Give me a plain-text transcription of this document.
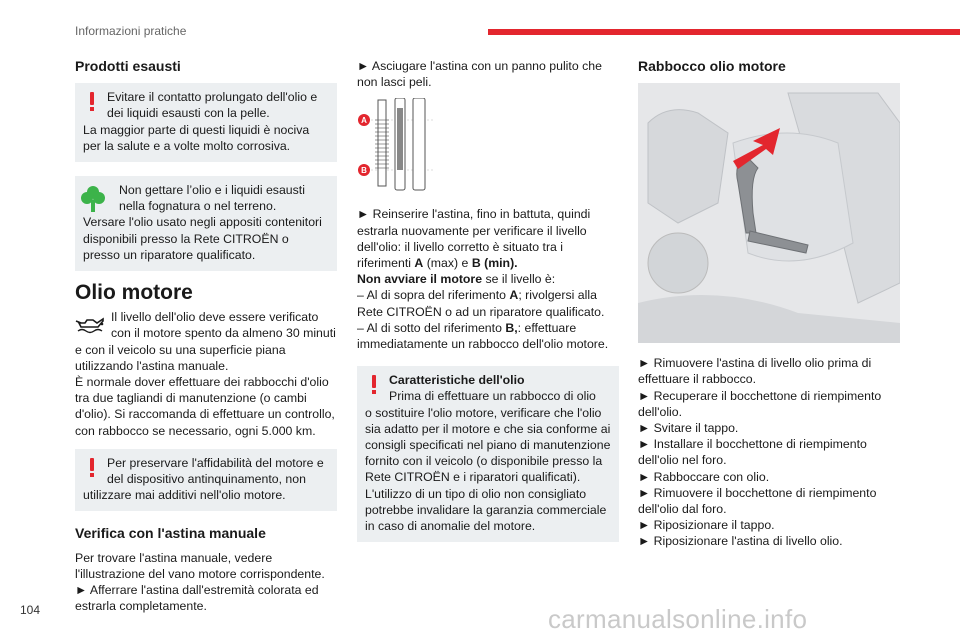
Informazioni pratiche
Prodotti esausti

Evitare il contatto prolungato dell'olio e dei liquidi esausti con la pelle.

La maggior parte di questi liquidi è nociva per la salute e a volte molto corrosiva.

Non gettare l’olio e i liquidi esausti nella fognatura o nel terreno.

Versare l'olio usato negli appositi contenitori disponibili presso la Rete CITROËN o presso un riparatore qualificato.

Olio motore

Il livello dell'olio deve essere verificato con il motore spento da almeno 30 minuti

e con il veicolo su una superficie piana utilizzando l'astina manuale.

È normale dover effettuare dei rabbocchi d'olio tra due tagliandi di manutenzione (o cambi d'olio). Si raccomanda di effettuare un controllo, con rabbocco se necessario, ogni 5.000 km.

Per preservare l'affidabilità del motore e del dispositivo antinquinamento, non

utilizzare mai additivi nell'olio motore.

Verifica con l'astina manuale

Per trovare l'astina manuale, vedere l'illustrazione del vano motore corrispondente.

► Afferrare l'astina dall'estremità colorata ed estrarla completamente.

► Asciugare l'astina con un panno pulito che non lasci peli.

A
B

► Reinserire l'astina, fino in battuta, quindi estrarla nuovamente per verificare il livello dell'olio: il livello corretto è situato tra i riferimenti A (max) e B (min).

Non avviare il motore se il livello è:

– Al di sopra del riferimento A; rivolgersi alla Rete CITROËN o ad un riparatore qualificato.

– Al di sotto del riferimento B,: effettuare immediatamente un rabbocco dell'olio motore.

Caratteristiche dell'olio

Prima di effettuare un rabbocco di olio

o sostituire l'olio motore, verificare che l'olio sia adatto per il motore e che sia conforme ai consigli specificati nel piano di manutenzione fornito con il veicolo (o disponibile presso la Rete CITROËN e i riparatori qualificati). L'utilizzo di un tipo di olio non consigliato potrebbe invalidare la garanzia commerciale in caso di anomalie del motore.

Rabbocco olio motore

► Rimuovere l'astina di livello olio prima di effettuare il rabbocco.

► Recuperare il bocchettone di riempimento dell'olio.

► Svitare il tappo.

► Installare il bocchettone di riempimento dell'olio nel foro.

► Rabboccare con olio.

► Rimuovere il bocchettone di riempimento dell'olio dal foro.

► Riposizionare il tappo.

► Riposizionare l'astina di livello olio.

104	carmanualsonline.info
